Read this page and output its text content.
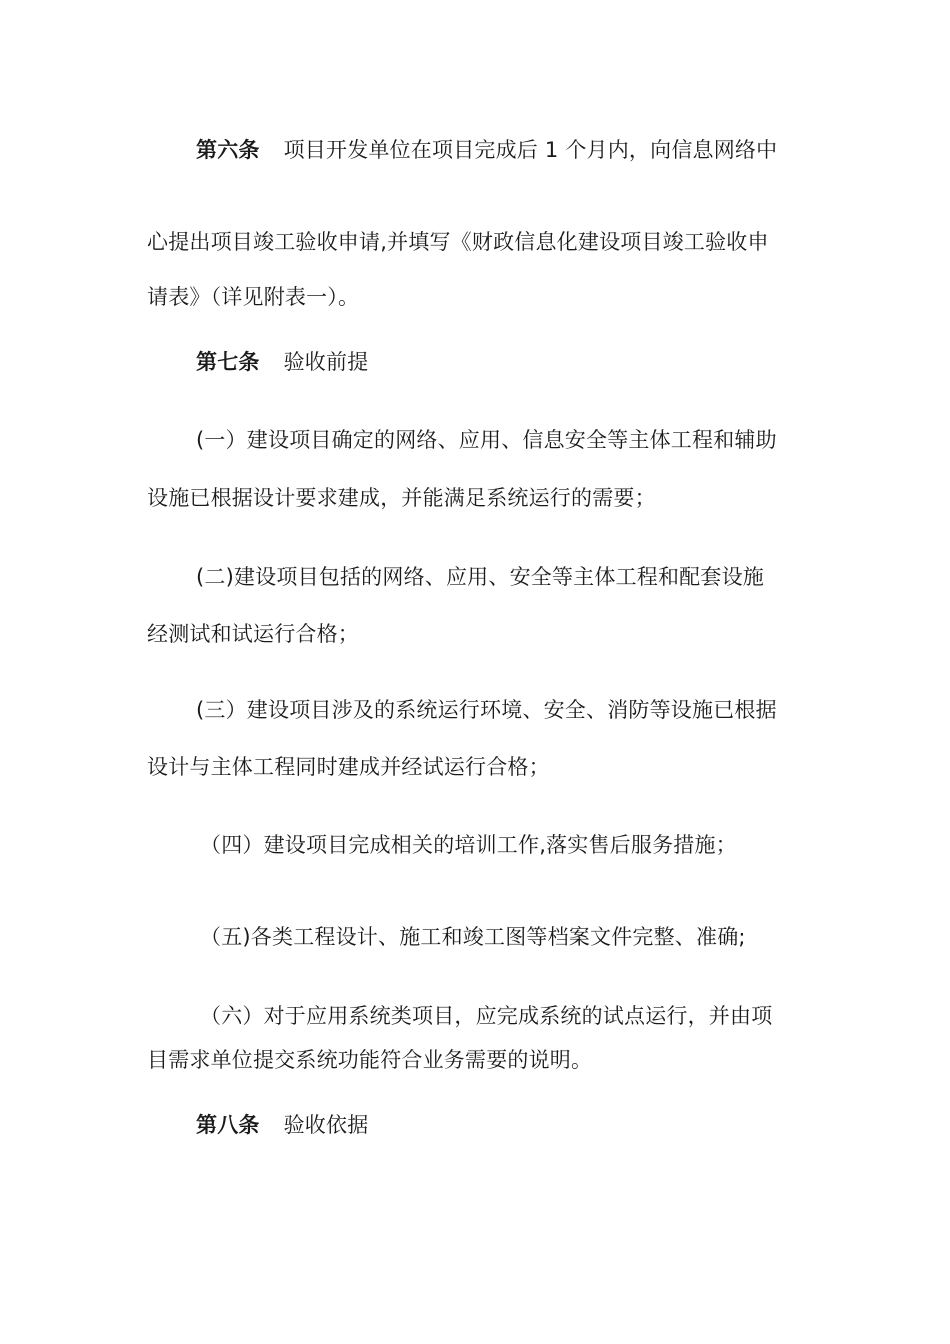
第六条 项目开发单位在项目完成后 1 个月内，向信息网络中
心提出项目竣工验收申请,并填写《财政信息化建设项目竣工验收申
请表》（详见附表一）。
第七条 验收前提
(一）建设项目确定的网络、应用、信息安全等主体工程和辅助
设施已根据设计要求建成，并能满足系统运行的需要；
(二)建设项目包括的网络、应用、安全等主体工程和配套设施
经测试和试运行合格；
(三）建设项目涉及的系统运行环境、安全、消防等设施已根据
设计与主体工程同时建成并经试运行合格；
（四）建设项目完成相关的培训工作,落实售后服务措施；
（五)各类工程设计、施工和竣工图等档案文件完整、准确;
（六）对于应用系统类项目，应完成系统的试点运行，并由项
目需求单位提交系统功能符合业务需要的说明。
第八条 验收依据
